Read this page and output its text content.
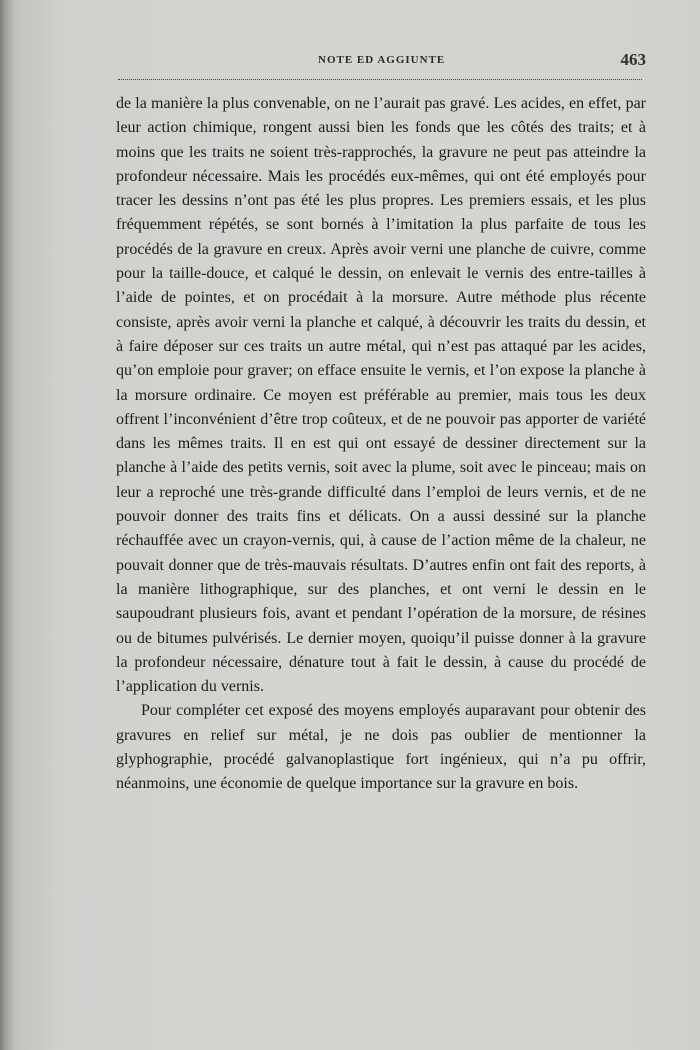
NOTE ED AGGIUNTE	463

de la manière la plus convenable, on ne l’aurait pas gravé. Les acides, en effet, par leur action chimique, rongent aussi bien les fonds que les côtés des traits; et à moins que les traits ne soient très-rapprochés, la gravure ne peut pas atteindre la profondeur nécessaire. Mais les procédés eux-mêmes, qui ont été employés pour tracer les dessins n’ont pas été les plus propres. Les premiers essais, et les plus fréquemment répétés, se sont bornés à l’imitation la plus parfaite de tous les procédés de la gravure en creux. Après avoir verni une planche de cuivre, comme pour la taille-douce, et calqué le dessin, on enlevait le vernis des entre-tailles à l’aide de pointes, et on procédait à la morsure. Autre méthode plus récente consiste, après avoir verni la planche et calqué, à découvrir les traits du dessin, et à faire déposer sur ces traits un autre métal, qui n’est pas attaqué par les acides, qu’on emploie pour graver; on efface ensuite le vernis, et l’on expose la planche à la morsure ordinaire. Ce moyen est préférable au premier, mais tous les deux offrent l’inconvénient d’être trop coûteux, et de ne pouvoir pas apporter de variété dans les mêmes traits. Il en est qui ont essayé de dessiner directement sur la planche à l’aide des petits vernis, soit avec la plume, soit avec le pinceau; mais on leur a reproché une très-grande difficulté dans l’emploi de leurs vernis, et de ne pouvoir donner des traits fins et délicats. On a aussi dessiné sur la planche réchauffée avec un crayon-vernis, qui, à cause de l’action même de la chaleur, ne pouvait donner que de très-mauvais résultats. D’autres enfin ont fait des reports, à la manière lithographique, sur des planches, et ont verni le dessin en le saupoudrant plusieurs fois, avant et pendant l’opération de la morsure, de résines ou de bitumes pulvérisés. Le dernier moyen, quoiqu’il puisse donner à la gravure la profondeur nécessaire, dénature tout à fait le dessin, à cause du procédé de l’application du vernis.

Pour compléter cet exposé des moyens employés auparavant pour obtenir des gravures en relief sur métal, je ne dois pas oublier de mentionner la glyphographie, procédé galvanoplastique fort ingénieux, qui n’a pu offrir, néanmoins, une économie de quelque importance sur la gravure en bois.
